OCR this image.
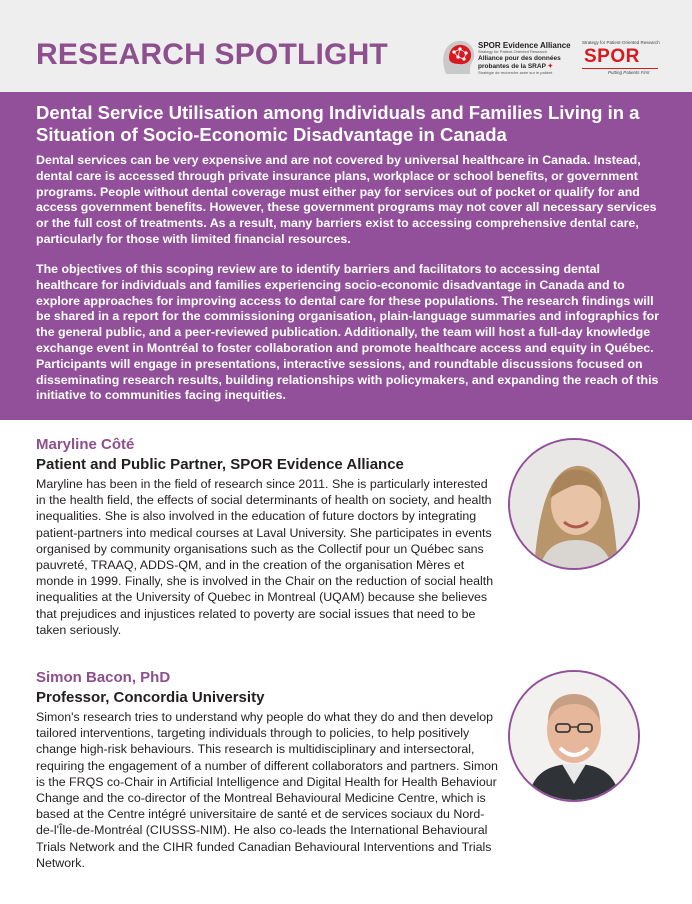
RESEARCH SPOTLIGHT	SPOR Evidence Alliance
Strategy for Patient-Oriented Research
Alliance pour des données
probantes de la SRAP ✦
Stratégie de recherche axée sur le patient
Strategy for Patient-Oriented Research
SPOR
Putting Patients First
Dental Service Utilisation among Individuals and Families Living in a Situation of Socio-Economic Disadvantage in Canada
Dental services can be very expensive and are not covered by universal healthcare in Canada. Instead, dental care is accessed through private insurance plans, workplace or school benefits, or government programs. People without dental coverage must either pay for services out of pocket or qualify for and access government benefits. However, these government programs may not cover all necessary services or the full cost of treatments. As a result, many barriers exist to accessing comprehensive dental care, particularly for those with limited financial resources.
The objectives of this scoping review are to identify barriers and facilitators to accessing dental healthcare for individuals and families experiencing socio-economic disadvantage in Canada and to explore approaches for improving access to dental care for these populations. The research findings will be shared in a report for the commissioning organisation, plain-language summaries and infographics for the general public, and a peer-reviewed publication. Additionally, the team will host a full-day knowledge exchange event in Montréal to foster collaboration and promote healthcare access and equity in Québec. Participants will engage in presentations, interactive sessions, and roundtable discussions focused on disseminating research results, building relationships with policymakers, and expanding the reach of this initiative to communities facing inequities.
Maryline Côté
Patient and Public Partner, SPOR Evidence Alliance
Maryline has been in the field of research since 2011. She is particularly interested in the health field, the effects of social determinants of health on society, and health inequalities. She is also involved in the education of future doctors by integrating patient-partners into medical courses at Laval University. She participates in events organised by community organisations such as the Collectif pour un Québec sans pauvreté, TRAAQ, ADDS-QM, and in the creation of the organisation Mères et monde in 1999. Finally, she is involved in the Chair on the reduction of social health inequalities at the University of Quebec in Montreal (UQAM) because she believes that prejudices and injustices related to poverty are social issues that need to be taken seriously.
Simon Bacon, PhD
Professor, Concordia University
Simon's research tries to understand why people do what they do and then develop tailored interventions, targeting individuals through to policies, to help positively change high-risk behaviours. This research is multidisciplinary and intersectoral, requiring the engagement of a number of different collaborators and partners. Simon is the FRQS co-Chair in Artificial Intelligence and Digital Health for Health Behaviour Change and the co-director of the Montreal Behavioural Medicine Centre, which is based at the Centre intégré universitaire de santé et de services sociaux du Nord-de-l'Île-de-Montréal (CIUSSS-NIM). He also co-leads the International Behavioural Trials Network and the CIHR funded Canadian Behavioural Interventions and Trials Network.
